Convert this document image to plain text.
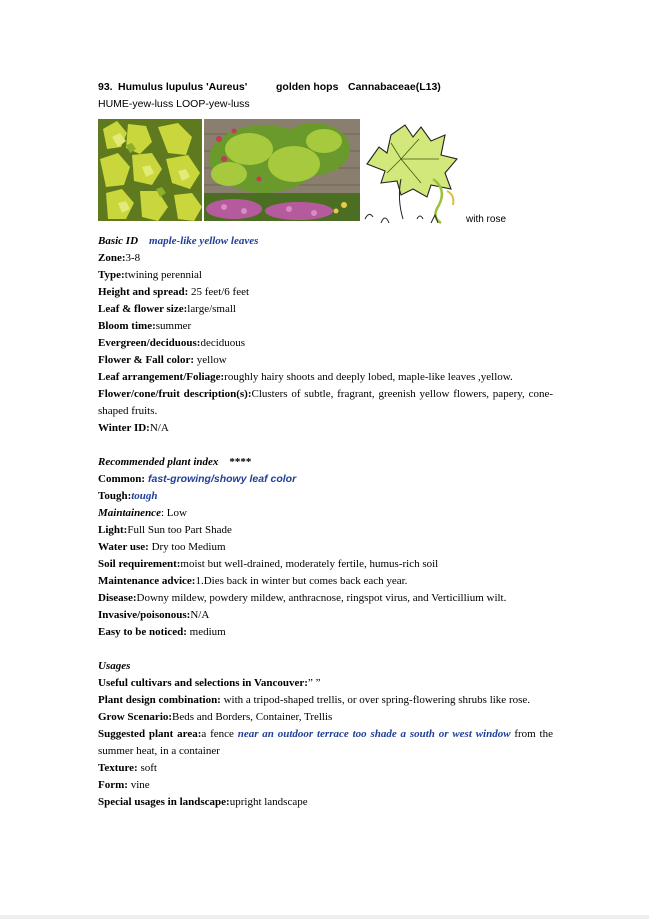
93. Humulus lupulus 'Aureus'	golden hops Cannabaceae(L13)
HUME-yew-luss LOOP-yew-luss
with rose
Basic ID maple-like yellow leaves
Zone:3-8
Type:twining perennial
Height and spread: 25 feet/6 feet
Leaf & flower size:large/small
Bloom time:summer
Evergreen/deciduous:deciduous
Flower & Fall color: yellow
Leaf arrangement/Foliage:roughly hairy shoots and deeply lobed, maple-like leaves ,yellow.
Flower/cone/fruit description(s):Clusters of subtle, fragrant, greenish yellow flowers, papery, cone-shaped fruits.
Winter ID:N/A
Recommended plant index ****
Common: fast-growing/showy leaf color
Tough:tough
Maintainence: Low
Light:Full Sun too Part Shade
Water use: Dry too Medium
Soil requirement:moist but well-drained, moderately fertile, humus-rich soil
Maintenance advice:1.Dies back in winter but comes back each year.
Disease:Downy mildew, powdery mildew, anthracnose, ringspot virus, and Verticillium wilt.
Invasive/poisonous:N/A
Easy to be noticed: medium
Usages
Useful cultivars and selections in Vancouver:” ”
Plant design combination: with a tripod-shaped trellis, or over spring-flowering shrubs like rose.
Grow Scenario:Beds and Borders, Container, Trellis
Suggested plant area:a fence near an outdoor terrace too shade a south or west window from the summer heat, in a container
Texture: soft
Form: vine
Special usages in landscape:upright landscape
